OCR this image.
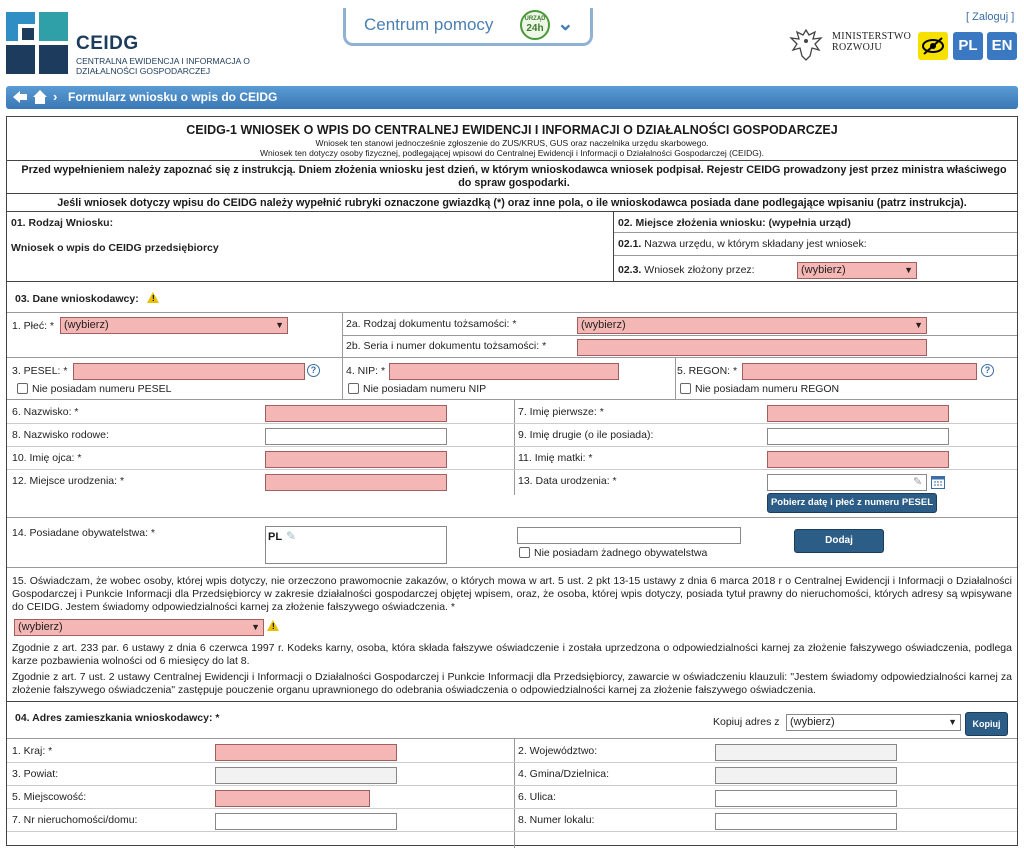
CEIDG
CENTRALNA EWIDENCJA I INFORMACJA O DZIAŁALNOŚCI GOSPODARCZEJ
Centrum pomocy	URZĄD
24h ⌄	[ Zaloguj ]
MINISTERSTWO
ROZWOJU	PL EN
› Formularz wniosku o wpis do CEIDG
CEIDG-1 WNIOSEK O WPIS DO CENTRALNEJ EWIDENCJI I INFORMACJI O DZIAŁALNOŚCI GOSPODARCZEJ
Wniosek ten stanowi jednocześnie zgłoszenie do ZUS/KRUS, GUS oraz naczelnika urzędu skarbowego.
Wniosek ten dotyczy osoby fizycznej, podlegającej wpisowi do Centralnej Ewidencji i Informacji o Działalności Gospodarczej (CEIDG).
Przed wypełnieniem należy zapoznać się z instrukcją. Dniem złożenia wniosku jest dzień, w którym wnioskodawca wniosek podpisał. Rejestr CEIDG prowadzony jest przez ministra właściwego do spraw gospodarki.
Jeśli wniosek dotyczy wpisu do CEIDG należy wypełnić rubryki oznaczone gwiazdką (*) oraz inne pola, o ile wnioskodawca posiada dane podlegające wpisaniu (patrz instrukcja).
01. Rodzaj Wniosku:
Wniosek o wpis do CEIDG przedsiębiorcy
02. Miejsce złożenia wniosku: (wypełnia urząd)
02.1. Nazwa urzędu, w którym składany jest wniosek:
02.3. Wniosek złożony przez:	(wybierz)	▼
03. Dane wnioskodawcy: !
1. Płeć: * (wybierz)	▼	2a. Rodzaj dokumentu tożsamości: *	(wybierz)	▼
2b. Seria i numer dokumentu tożsamości: *
3. PESEL: *	?
Nie posiadam numeru PESEL
4. NIP: *
Nie posiadam numeru NIP
5. REGON: *	?
Nie posiadam numeru REGON
6. Nazwisko: *	7. Imię pierwsze: *
8. Nazwisko rodowe:	9. Imię drugie (o ile posiada):
10. Imię ojca: *	11. Imię matki: *
12. Miejsce urodzenia: *	13. Data urodzenia: *	✎
Pobierz datę i płeć z numeru PESEL
14. Posiadane obywatelstwa: *	PL ✎
Nie posiadam żadnego obywatelstwa
Dodaj
15. Oświadczam, że wobec osoby, której wpis dotyczy, nie orzeczono prawomocnie zakazów, o których mowa w art. 5 ust. 2 pkt 13-15 ustawy z dnia 6 marca 2018 r o Centralnej Ewidencji i Informacji o Działalności Gospodarczej i Punkcie Informacji dla Przedsiębiorcy w zakresie działalności gospodarczej objętej wpisem, oraz, że osoba, której wpis dotyczy, posiada tytuł prawny do nieruchomości, których adresy są wpisywane do CEIDG. Jestem świadomy odpowiedzialności karnej za złożenie fałszywego oświadczenia. *
(wybierz)	▼ !
Zgodnie z art. 233 par. 6 ustawy z dnia 6 czerwca 1997 r. Kodeks karny, osoba, która składa fałszywe oświadczenie i została uprzedzona o odpowiedzialności karnej za złożenie fałszywego oświadczenia, podlega karze pozbawienia wolności od 6 miesięcy do lat 8.
Zgodnie z art. 7 ust. 2 ustawy Centralnej Ewidencji i Informacji o Działalności Gospodarczej i Punkcie Informacji dla Przedsiębiorcy, zawarcie w oświadczeniu klauzuli: "Jestem świadomy odpowiedzialności karnej za złożenie fałszywego oświadczenia" zastępuje pouczenie organu uprawnionego do odebrania oświadczenia o odpowiedzialności karnej za złożenie fałszywego oświadczenia.
04. Adres zamieszkania wnioskodawcy: *	Kopiuj adres z (wybierz)	▼	Kopiuj
1. Kraj: *	2. Województwo:
3. Powiat:	4. Gmina/Dzielnica:
5. Miejscowość:	6. Ulica:
7. Nr nieruchomości/domu:	8. Numer lokalu:
